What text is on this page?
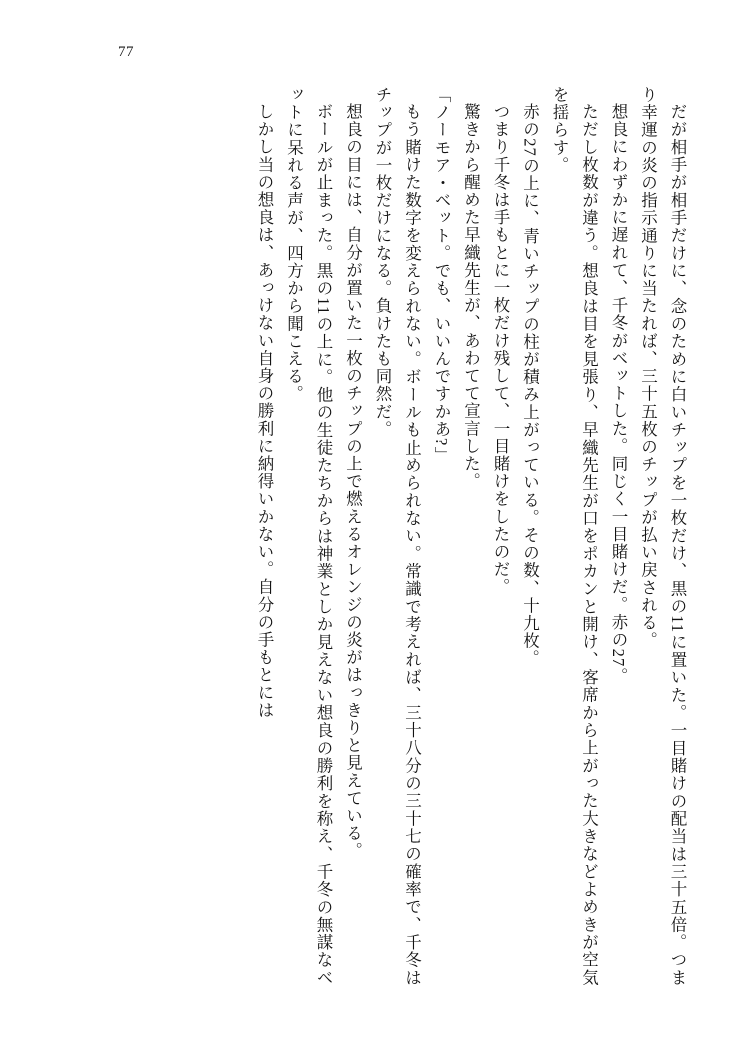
77
だが相手が相手だけに、念のために白いチップを一枚だけ、黒の11に置いた。一目賭けの配当は三十五倍。つまり幸運の炎の指示通りに当たれば、三十五枚のチップが払い戻される。
想良にわずかに遅れて、千冬がベットした。同じく一目賭けだ。赤の27。
ただし枚数が違う。想良は目を見張り、早織先生が口をポカンと開け、客席から上がった大きなどよめきが空気を揺らす。
赤の27の上に、青いチップの柱が積み上がっている。その数、十九枚。
つまり千冬は手もとに一枚だけ残して、一目賭けをしたのだ。
驚きから醒めた早織先生が、あわてて宣言した。
「ノーモア・ベット。でも、いいんですかあ?」
もう賭けた数字を変えられない。ボールも止められない。常識で考えれば、三十八分の三十七の確率で、千冬はチップが一枚だけになる。負けたも同然だ。
想良の目には、自分が置いた一枚のチップの上で燃えるオレンジの炎がはっきりと見えている。
ボールが止まった。黒の11の上に。他の生徒たちからは神業としか見えない想良の勝利を称え、千冬の無謀なベットに呆れる声が、四方から聞こえる。
しかし当の想良は、あっけない自身の勝利に納得いかない。自分の手もとには
